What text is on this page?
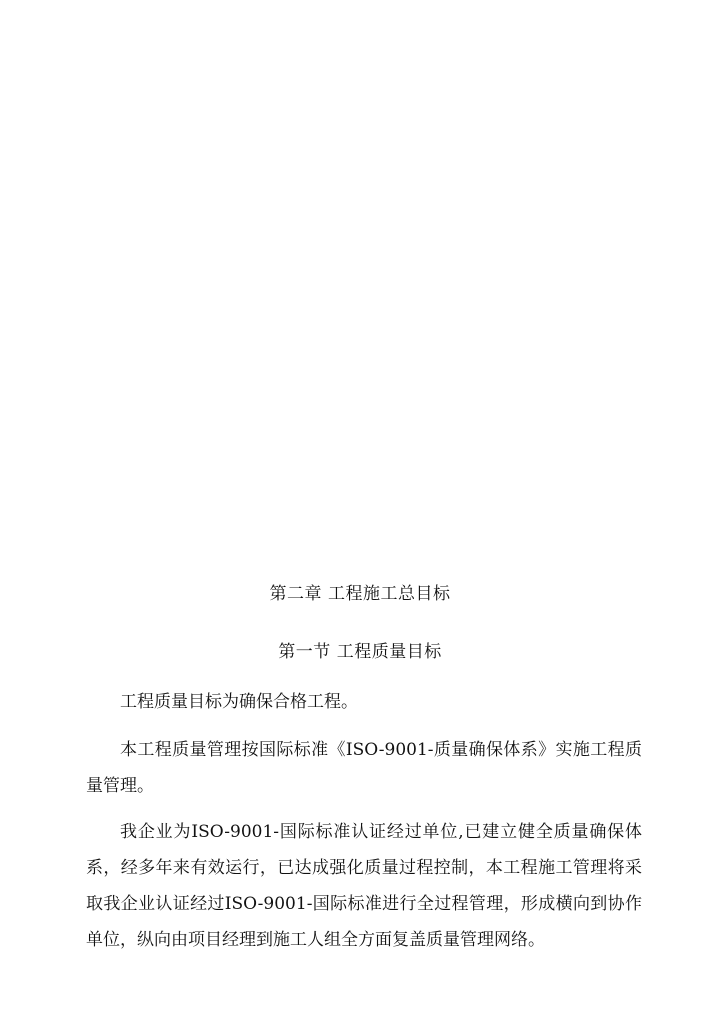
第二章 工程施工总目标
第一节 工程质量目标

工程质量目标为确保合格工程。

本工程质量管理按国际标准《ISO-9001-质量确保体系》实施工程质量管理。

我企业为ISO-9001-国际标准认证经过单位,已建立健全质量确保体系，经多年来有效运行，已达成强化质量过程控制，本工程施工管理将采取我企业认证经过ISO-9001-国际标准进行全过程管理，形成横向到协作单位，纵向由项目经理到施工人组全方面复盖质量管理网络。
